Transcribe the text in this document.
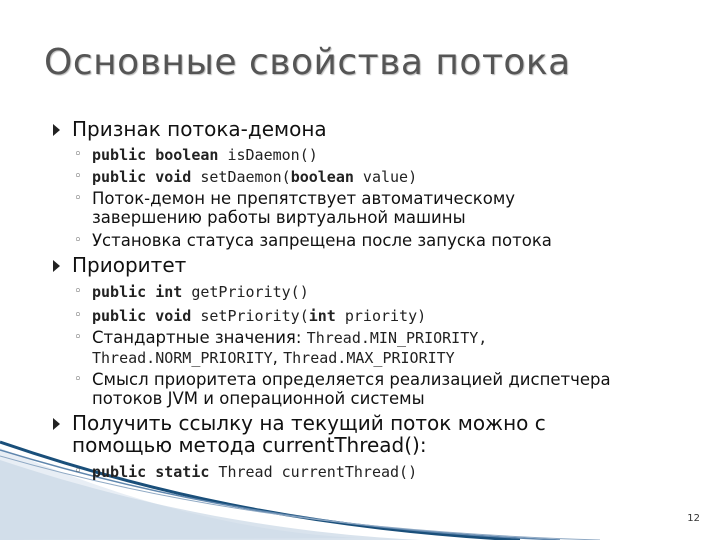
Основные свойства потока
Признак потока-демона
◦ public boolean isDaemon()
◦ public void setDaemon(boolean value)
◦ Поток-демон не препятствует автоматическому
завершению работы виртуальной машины
◦ Установка статуса запрещена после запуска потока
Приоритет
◦ public int getPriority()
◦ public void setPriority(int priority)
◦ Стандартные значения: Thread.MIN_PRIORITY,
Thread.NORM_PRIORITY, Thread.MAX_PRIORITY
◦ Смысл приоритета определяется реализацией диспетчера
потоков JVM и операционной системы
Получить ссылку на текущий поток можно с
помощью метода currentThread():
◦ public static Thread currentThread()
12
